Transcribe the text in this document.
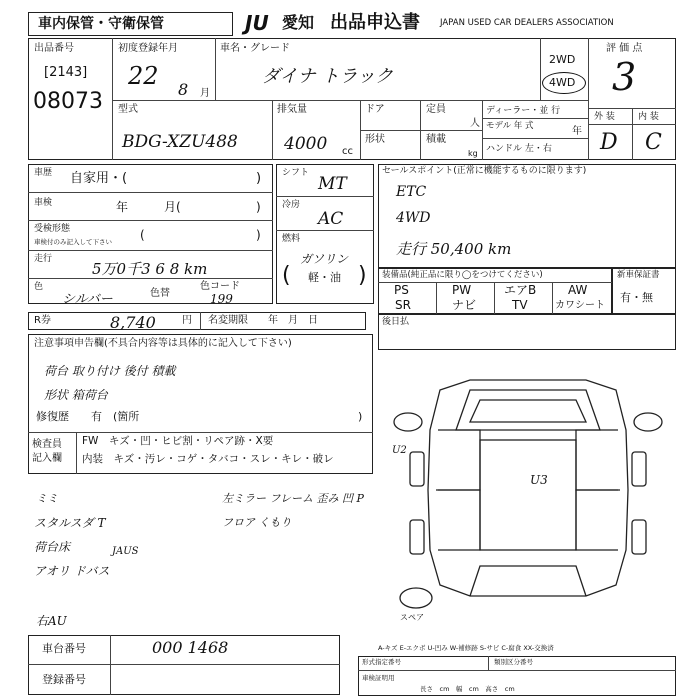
車内保管・守衛保管	JU 愛知 出品申込書 JAPAN USED CAR DEALERS ASSOCIATION
出品番号
[2143]
08073
初度登録年月
22 8 月
車名・グレード
ダイナ トラック
2WD
4WD
評 価 点
3
型式
BDG-XZU488
排気量
4000 cc
ドア
形状
定員
人
積載
kg
ディーラー・並 行
モデル 年 式	年
ハンドル 左・右
外 装	内 装
D C
車歴 自家用・(	)
車検	年　　　月(	)
受検形態
車検付のみ記入して下さい (	)
走行
5万0千3 6 8 km
色
シルバー	色替
色コード
199
シフト
MT
冷房
AC
燃料
ガソリン
軽・油
(	)
セールスポイント(正常に機能するものに限ります)
ETC
4WD
走行 50,400 km
装備品(純正品に限り◯をつけてください)
PS	PW	エアB	AW
SR	ナビ	TV	カワシート
新車保証書
有・無
R券	8,740	円 名変期限 年　月　日	後日払
注意事項申告欄(不具合内容等は具体的に記入して下さい)
荷台 取り付け 後付 積載
形状 箱荷台
修復歴　　有　(箇所	)
検査員 記入欄
FW　キズ・凹・ヒビ割・リペア跡・X要
内装　キズ・汚レ・コゲ・タバコ・スレ・キレ・破レ
ミミ
スタルスダ T
荷台床
アオリ ドバス
JAUS
左ミラー フレーム 歪み 凹 P
フロア くもり
右AU
U2
U3
スペア
A-キズ E-エクボ U-凹み W-補修跡 S-サビ C-腐食 XX-交換済
車台番号	000 1468
登録番号
形式指定番号	類別区分番号
車検証明用
長さ　cm　幅　cm　高さ　cm
